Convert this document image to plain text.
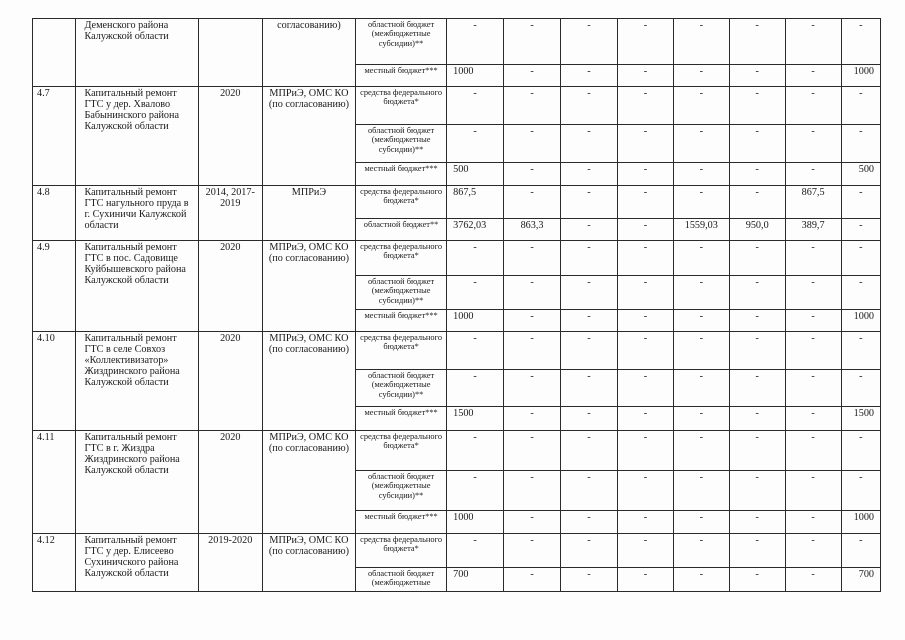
	Деменского района Калужской области		согласованию)	областной бюджет (межбюджетные субсидии)**	-	-	-	-	-	-	-	-
				местный бюджет***	1000	-	-	-	-	-	-	1000
4.7	Капитальный ремонт ГТС у дер. Хвалово Бабынинского района Калужской области	2020	МПРиЭ, ОМС КО (по согласованию)	средства федерального бюджета*	-	-	-	-	-	-	-	-
				областной бюджет (межбюджетные субсидии)**	-	-	-	-	-	-	-	-
				местный бюджет***	500	-	-	-	-	-	-	500
4.8	Капитальный ремонт ГТС нагульного пруда в г. Сухиничи Калужской области	2014, 2017-2019	МПРиЭ	средства федерального бюджета*	867,5	-	-	-	-	-	867,5	-
				областной бюджет**	3762,03	863,3	-	-	1559,03	950,0	389,7	-
4.9	Капитальный ремонт ГТС в пос. Садовище Куйбышевского района Калужской области	2020	МПРиЭ, ОМС КО (по согласованию)	средства федерального бюджета*	-	-	-	-	-	-	-	-
				областной бюджет (межбюджетные субсидии)**	-	-	-	-	-	-	-	-
				местный бюджет***	1000	-	-	-	-	-	-	1000
4.10	Капитальный ремонт ГТС в селе Совхоз «Коллективизатор» Жиздринского района Калужской области	2020	МПРиЭ, ОМС КО (по согласованию)	средства федерального бюджета*	-	-	-	-	-	-	-	-
				областной бюджет (межбюджетные субсидии)**	-	-	-	-	-	-	-	-
				местный бюджет***	1500	-	-	-	-	-	-	1500
4.11	Капитальный ремонт ГТС в г. Жиздра Жиздринского района Калужской области	2020	МПРиЭ, ОМС КО (по согласованию)	средства федерального бюджета*	-	-	-	-	-	-	-	-
				областной бюджет (межбюджетные субсидии)**	-	-	-	-	-	-	-	-
				местный бюджет***	1000	-	-	-	-	-	-	1000
4.12	Капитальный ремонт ГТС у дер. Елисеево Сухиничского района Калужской области	2019-2020	МПРиЭ, ОМС КО (по согласованию)	средства федерального бюджета*	-	-	-	-	-	-	-	-
				областной бюджет (межбюджетные	700	-	-	-	-	-	-	700
